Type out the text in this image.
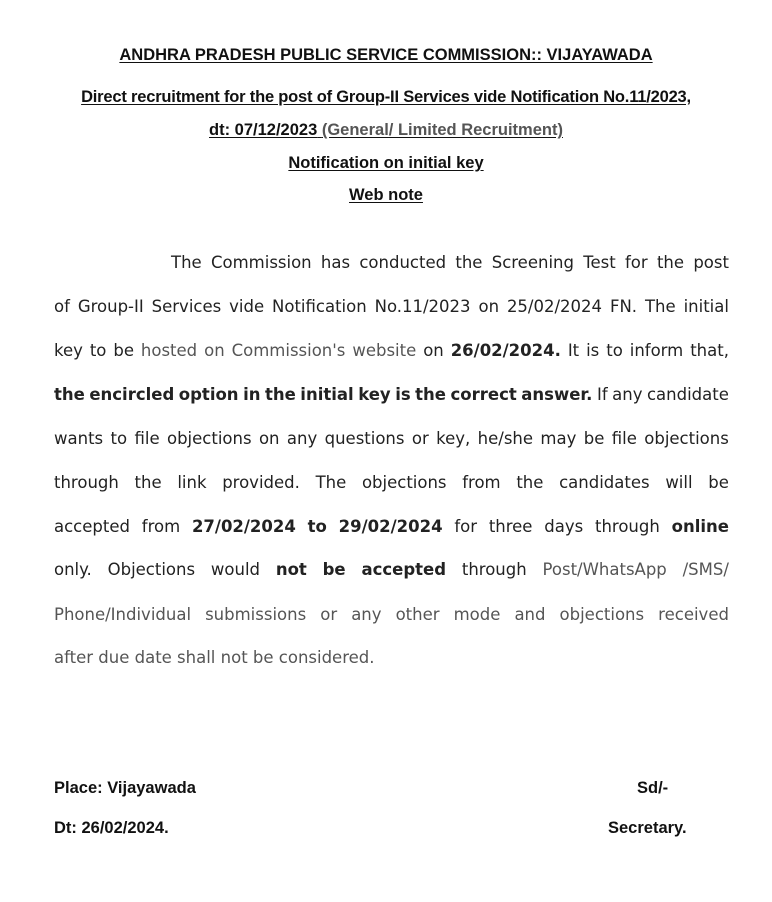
ANDHRA PRADESH PUBLIC SERVICE COMMISSION:: VIJAYAWADA
Direct recruitment for the post of Group-II Services vide Notification No.11/2023,
dt: 07/12/2023 (General/ Limited Recruitment)
Notification on initial key
Web note
The Commission has conducted the Screening Test for the post
of Group-II Services vide Notification No.11/2023 on 25/02/2024 FN. The initial
key to be hosted on Commission's website on 26/02/2024. It is to inform that,
the encircled option in the initial key is the correct answer. If any candidate
wants to file objections on any questions or key, he/she may be file objections
through the link provided. The objections from the candidates will be
accepted from 27/02/2024 to 29/02/2024 for three days through online
only. Objections would not be accepted through Post/WhatsApp /SMS/
Phone/Individual submissions or any other mode and objections received
after due date shall not be considered.
Place: Vijayawada
Dt: 26/02/2024.
Sd/-
Secretary.
